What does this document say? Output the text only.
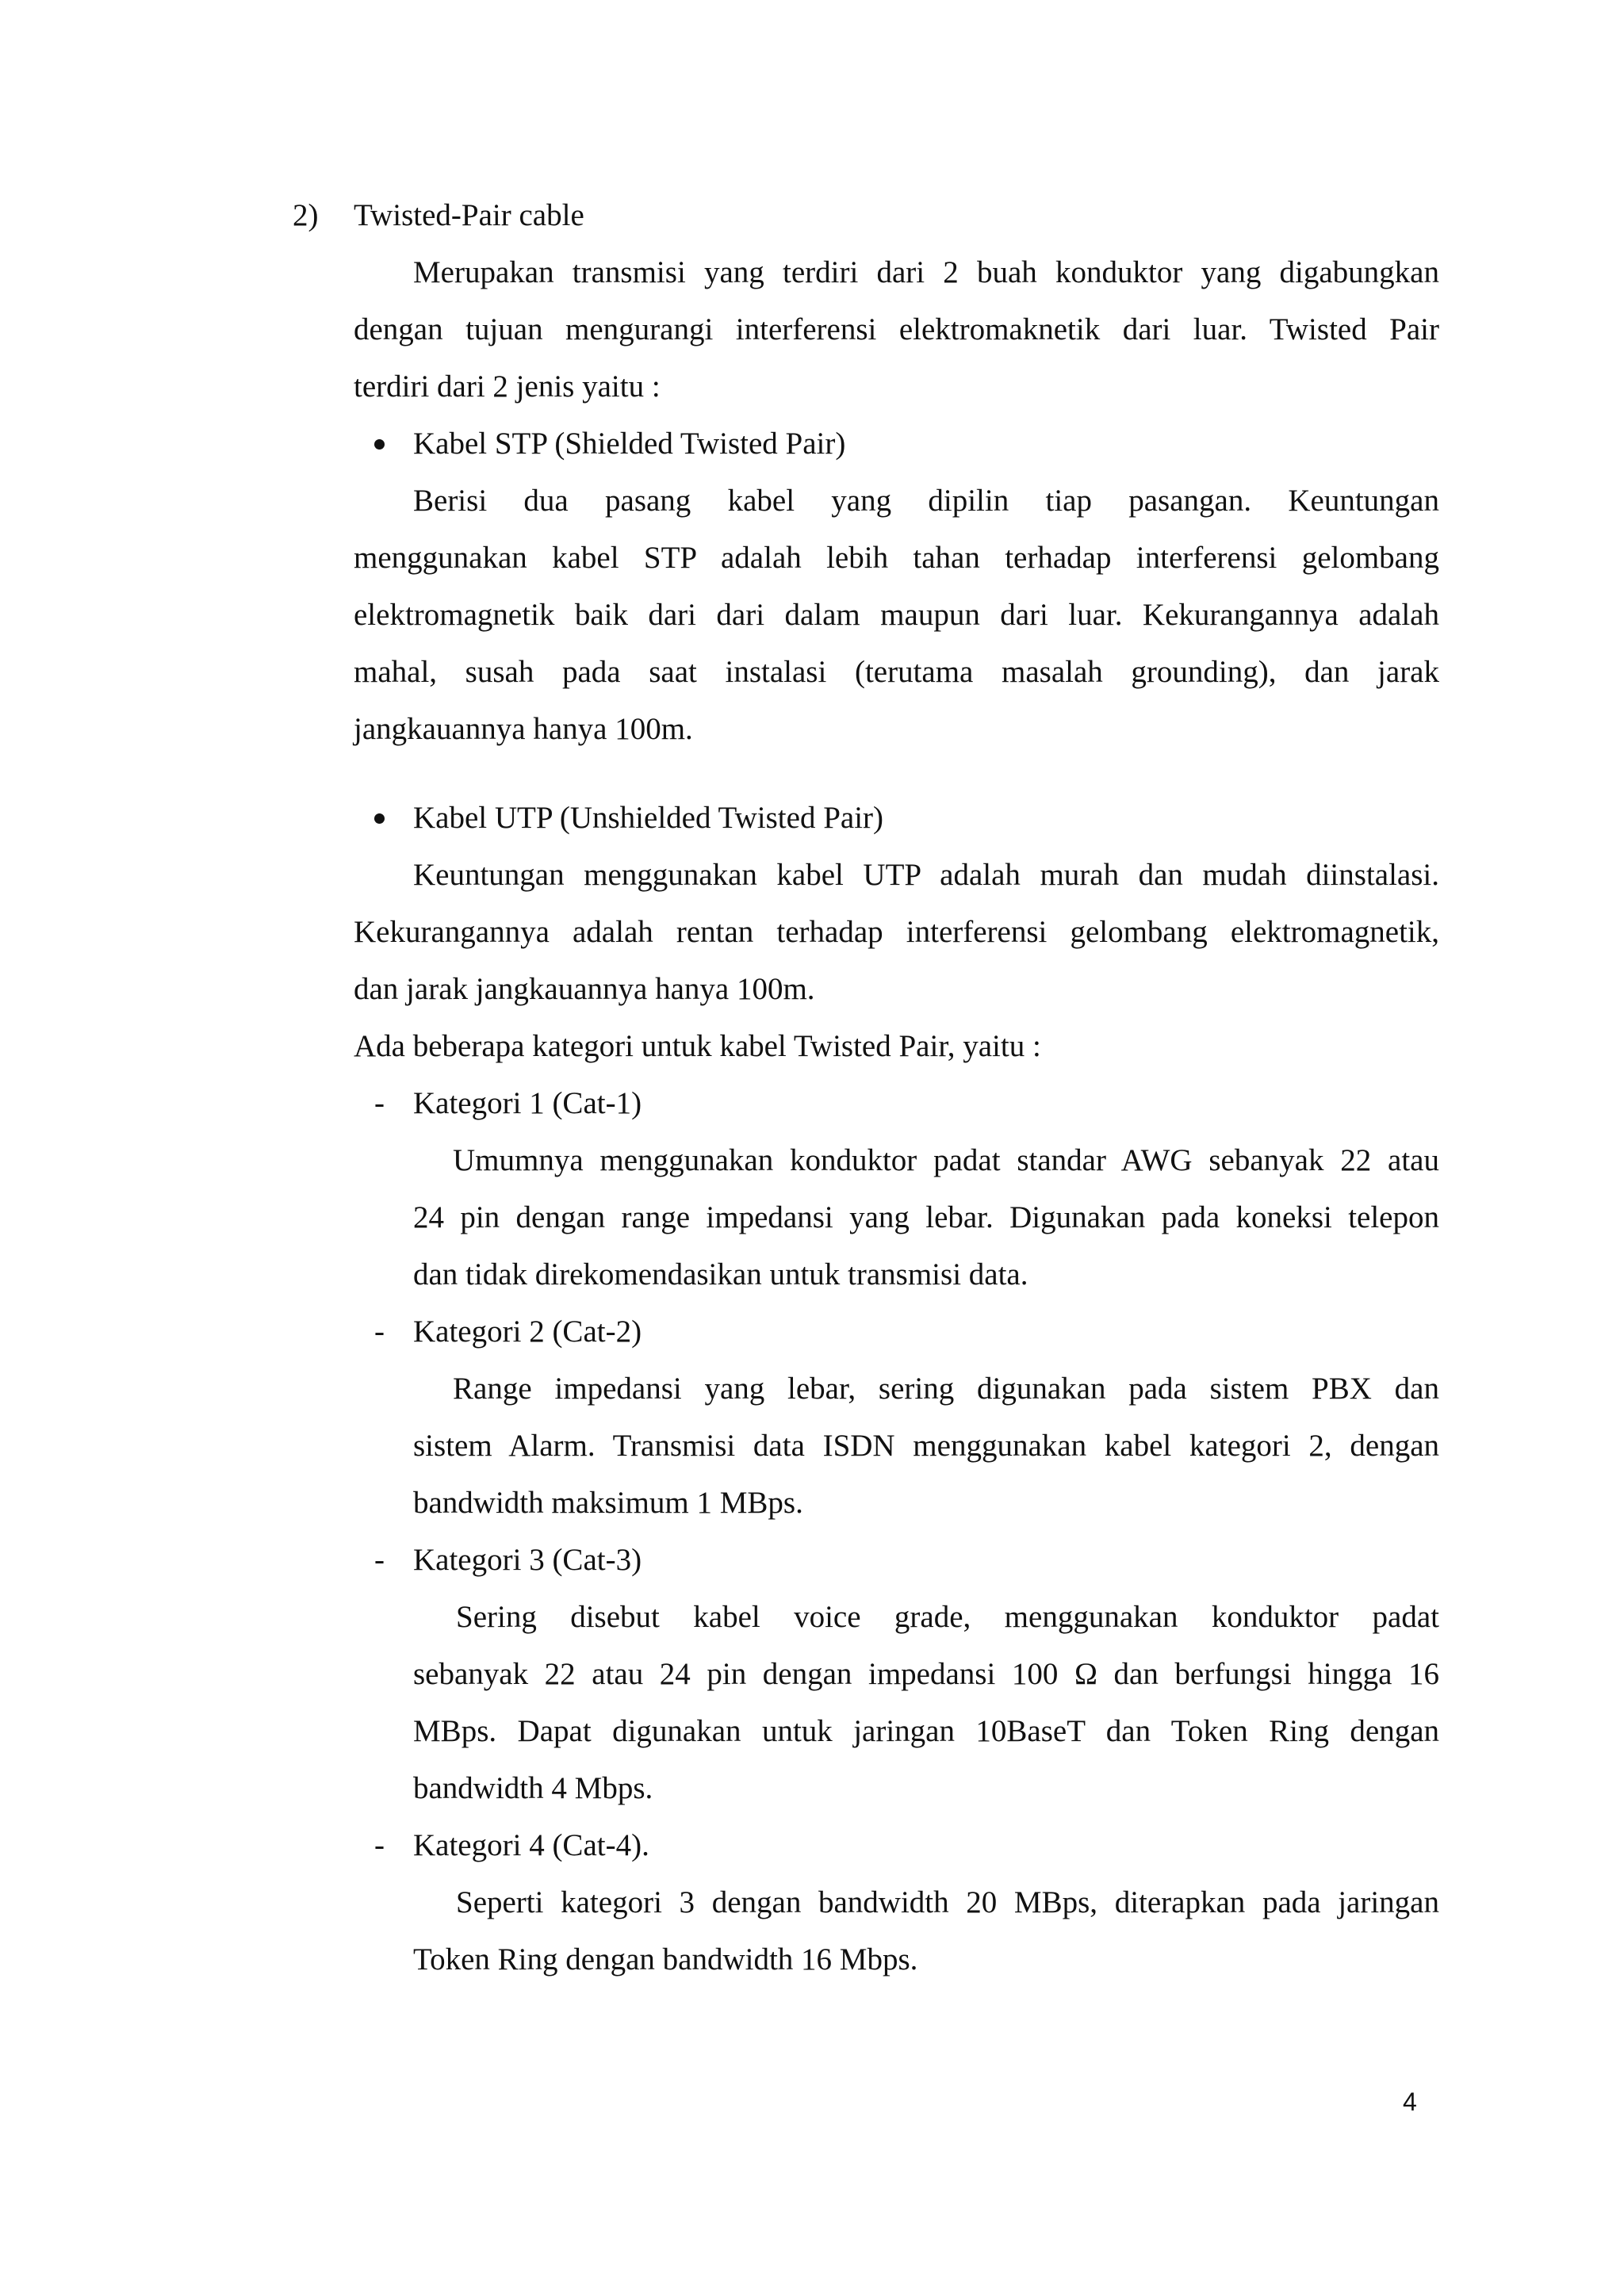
2) Twisted-Pair cable

Merupakan transmisi yang terdiri dari 2 buah konduktor yang digabungkan

dengan tujuan mengurangi interferensi elektromaknetik dari luar. Twisted Pair

terdiri dari 2 jenis yaitu :

Kabel STP (Shielded Twisted Pair)

Berisi dua pasang kabel yang dipilin tiap pasangan. Keuntungan

menggunakan kabel STP adalah lebih tahan terhadap interferensi gelombang

elektromagnetik baik dari dari dalam maupun dari luar. Kekurangannya adalah

mahal, susah pada saat instalasi (terutama masalah grounding), dan jarak

jangkauannya hanya 100m.

Kabel UTP (Unshielded Twisted Pair)

Keuntungan menggunakan kabel UTP adalah murah dan mudah diinstalasi.

Kekurangannya adalah rentan terhadap interferensi gelombang elektromagnetik,

dan jarak jangkauannya hanya 100m.

Ada beberapa kategori untuk kabel Twisted Pair, yaitu :

- Kategori 1 (Cat-1)

Umumnya menggunakan konduktor padat standar AWG sebanyak 22 atau

24 pin dengan range impedansi yang lebar. Digunakan pada koneksi telepon

dan tidak direkomendasikan untuk transmisi data.

- Kategori 2 (Cat-2)

Range impedansi yang lebar, sering digunakan pada sistem PBX dan

sistem Alarm. Transmisi data ISDN menggunakan kabel kategori 2, dengan

bandwidth maksimum 1 MBps.

- Kategori 3 (Cat-3)

Sering disebut kabel voice grade, menggunakan konduktor padat

sebanyak 22 atau 24 pin dengan impedansi 100 Ω dan berfungsi hingga 16

MBps. Dapat digunakan untuk jaringan 10BaseT dan Token Ring dengan

bandwidth 4 Mbps.

- Kategori 4 (Cat-4).

Seperti kategori 3 dengan bandwidth 20 MBps, diterapkan pada jaringan

Token Ring dengan bandwidth 16 Mbps.

4
